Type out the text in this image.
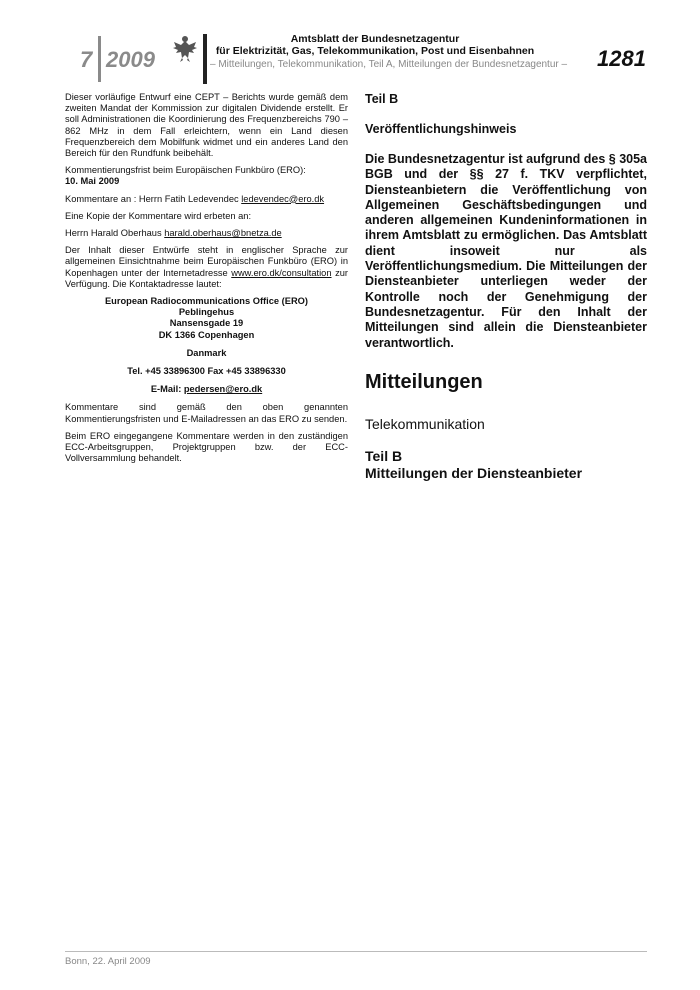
7 2009
Amtsblatt der Bundesnetzagentur
für Elektrizität, Gas, Telekommunikation, Post und Eisenbahnen
– Mitteilungen, Telekommunikation, Teil A, Mitteilungen der Bundesnetzagentur –	1281

Dieser vorläufige Entwurf eine CEPT – Berichts wurde gemäß dem zweiten Mandat der Kommission zur digitalen Dividende erstellt. Er soll Administrationen die Koordinierung des Frequenzbereichs 790 – 862 MHz in dem Fall erleichtern, wenn ein Land diesen Frequenzbereich dem Mobilfunk widmet und ein anderes Land den Bereich für den Rundfunk beibehält.

Kommentierungsfrist beim Europäischen Funkbüro (ERO):
10. Mai 2009

Kommentare an : Herrn Fatih Ledevendec ledevendec@ero.dk

Eine Kopie der Kommentare wird erbeten an:

Herrn Harald Oberhaus harald.oberhaus@bnetza.de

Der Inhalt dieser Entwürfe steht in englischer Sprache zur allgemeinen Einsichtnahme beim Europäischen Funkbüro (ERO) in Kopenhagen unter der Internetadresse www.ero.dk/consultation zur Verfügung. Die Kontaktadresse lautet:

European Radiocommunications Office (ERO)
Peblingehus
Nansensgade 19
DK 1366 Copenhagen
Danmark
Tel. +45 33896300 Fax +45 33896330
E-Mail: pedersen@ero.dk

Kommentare sind gemäß den oben genannten Kommentierungsfristen und E-Mailadressen an das ERO zu senden.

Beim ERO eingegangene Kommentare werden in den zuständigen ECC-Arbeitsgruppen, Projektgruppen bzw. der ECC-Vollversammlung behandelt.

Teil B
Veröffentlichungshinweis
Die Bundesnetzagentur ist aufgrund des § 305a BGB und der §§ 27 f. TKV verpflichtet, Diensteanbietern die Veröffentlichung von Allgemeinen Geschäftsbedingungen und anderen allgemeinen Kundeninformationen in ihrem Amtsblatt zu ermöglichen. Das Amtsblatt dient insoweit nur als Veröffentlichungsmedium. Die Mitteilungen der Diensteanbieter unterliegen weder der Kontrolle noch der Genehmigung der Bundesnetzagentur. Für den Inhalt der Mitteilungen sind allein die Diensteanbieter verantwortlich.
Mitteilungen
Telekommunikation
Teil B
Mitteilungen der Diensteanbieter
Bonn, 22. April 2009
